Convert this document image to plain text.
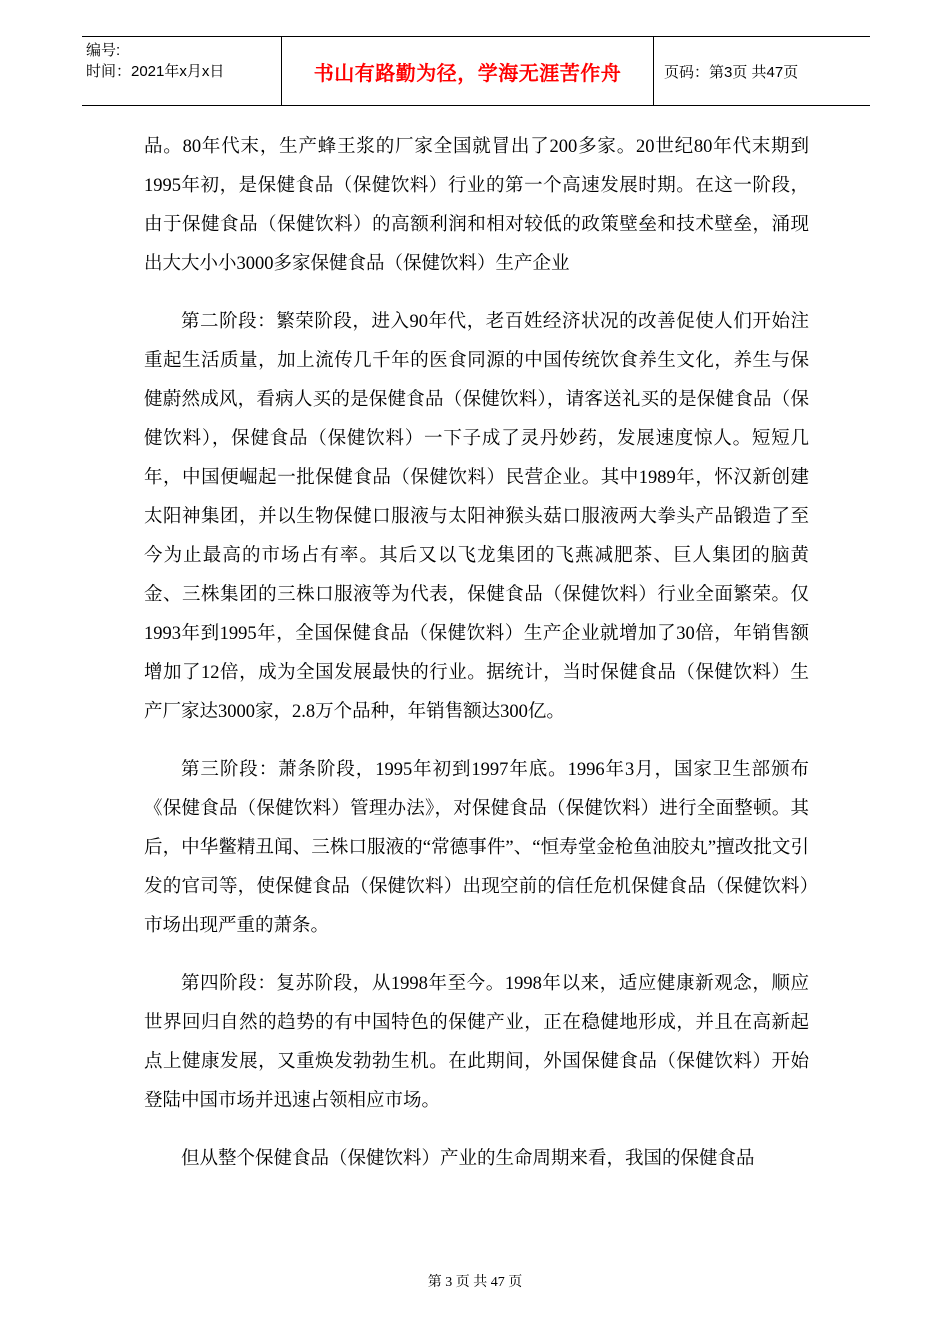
编号:
时间：2021年x月x日	书山有路勤为径，学海无涯苦作舟	页码：第3页 共47页

品。80年代末，生产蜂王浆的厂家全国就冒出了200多家。20世纪80年代末期到1995年初，是保健食品（保健饮料）行业的第一个高速发展时期。在这一阶段，由于保健食品（保健饮料）的高额利润和相对较低的政策壁垒和技术壁垒，涌现出大大小小3000多家保健食品（保健饮料）生产企业

第二阶段：繁荣阶段，进入90年代，老百姓经济状况的改善促使人们开始注重起生活质量，加上流传几千年的医食同源的中国传统饮食养生文化，养生与保健蔚然成风，看病人买的是保健食品（保健饮料），请客送礼买的是保健食品（保健饮料），保健食品（保健饮料）一下子成了灵丹妙药，发展速度惊人。短短几年，中国便崛起一批保健食品（保健饮料）民营企业。其中1989年，怀汉新创建太阳神集团，并以生物保健口服液与太阳神猴头菇口服液两大拳头产品锻造了至今为止最高的市场占有率。其后又以飞龙集团的飞燕减肥茶、巨人集团的脑黄金、三株集团的三株口服液等为代表，保健食品（保健饮料）行业全面繁荣。仅1993年到1995年，全国保健食品（保健饮料）生产企业就增加了30倍，年销售额增加了12倍，成为全国发展最快的行业。据统计，当时保健食品（保健饮料）生产厂家达3000家，2.8万个品种，年销售额达300亿。

第三阶段：萧条阶段，1995年初到1997年底。1996年3月，国家卫生部颁布《保健食品（保健饮料）管理办法》，对保健食品（保健饮料）进行全面整顿。其后，中华鳖精丑闻、三株口服液的“常德事件”、“恒寿堂金枪鱼油胶丸”擅改批文引发的官司等，使保健食品（保健饮料）出现空前的信任危机保健食品（保健饮料）市场出现严重的萧条。

第四阶段：复苏阶段，从1998年至今。1998年以来，适应健康新观念，顺应世界回归自然的趋势的有中国特色的保健产业，正在稳健地形成，并且在高新起点上健康发展，又重焕发勃勃生机。在此期间，外国保健食品（保健饮料）开始登陆中国市场并迅速占领相应市场。

但从整个保健食品（保健饮料）产业的生命周期来看，我国的保健食品

第 3 页 共 47 页
